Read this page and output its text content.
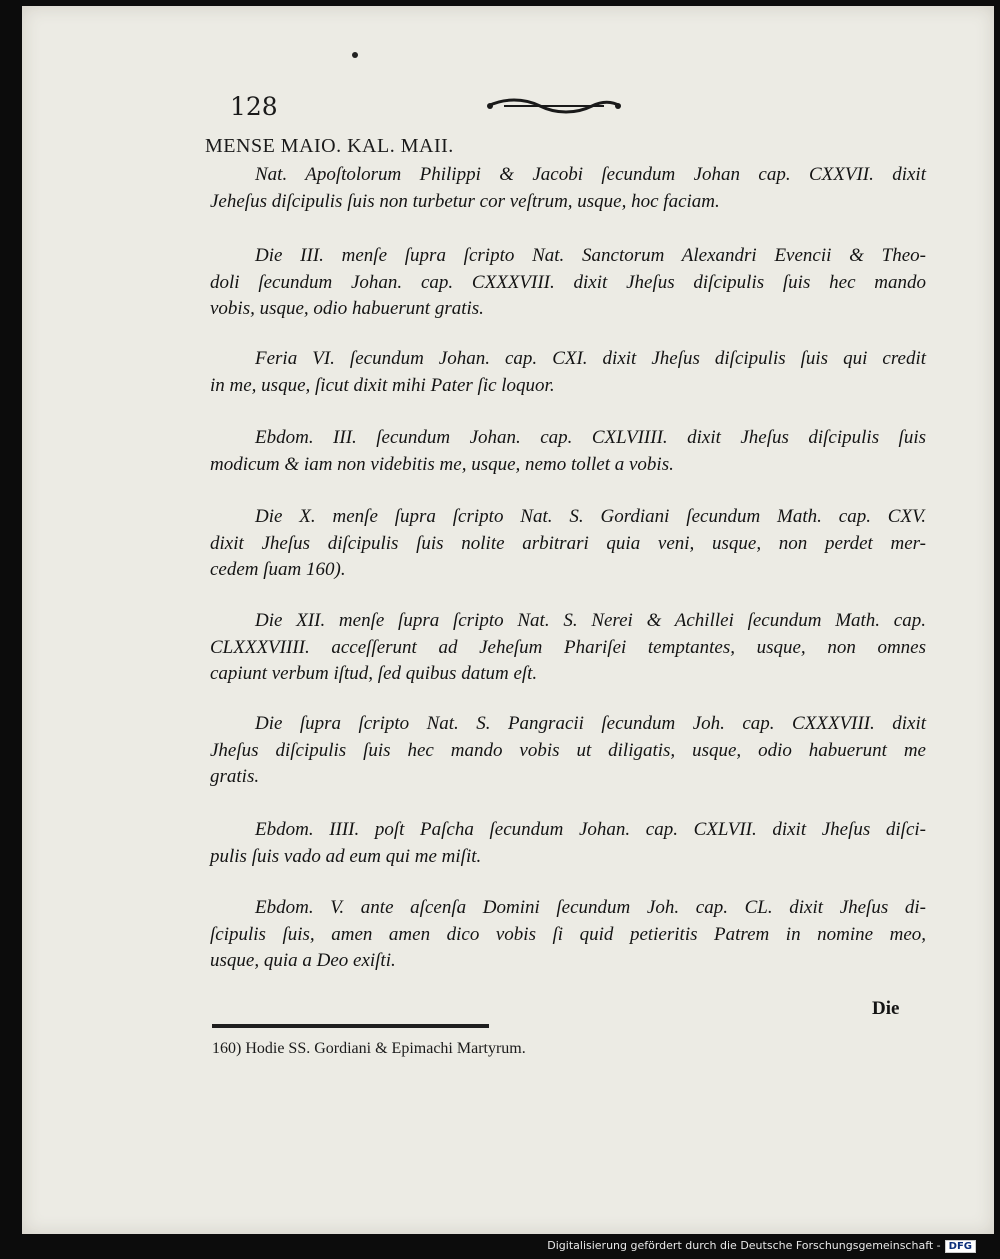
128
MENSE MAIO. KAL. MAII.
Nat. Apoſtolorum Philippi & Jacobi ſecundum Johan cap. CXXVII. dixit
Jeheſus diſcipulis ſuis non turbetur cor veſtrum, usque, hoc faciam.
Die III. menſe ſupra ſcripto Nat. Sanctorum Alexandri Evencii & Theo-
doli ſecundum Johan. cap. CXXXVIII. dixit Jheſus diſcipulis ſuis hec mando
vobis, usque, odio habuerunt gratis.
Feria VI. ſecundum Johan. cap. CXI. dixit Jheſus diſcipulis ſuis qui credit
in me, usque, ſicut dixit mihi Pater ſic loquor.
Ebdom. III. ſecundum Johan. cap. CXLVIIII. dixit Jheſus diſcipulis ſuis
modicum & iam non videbitis me, usque, nemo tollet a vobis.
Die X. menſe ſupra ſcripto Nat. S. Gordiani ſecundum Math. cap. CXV.
dixit Jheſus diſcipulis ſuis nolite arbitrari quia veni, usque, non perdet mer-
cedem ſuam 160).
Die XII. menſe ſupra ſcripto Nat. S. Nerei & Achillei ſecundum Math. cap.
CLXXXVIIII. acceſſerunt ad Jeheſum Phariſei temptantes, usque, non omnes
capiunt verbum iſtud, ſed quibus datum eſt.
Die ſupra ſcripto Nat. S. Pangracii ſecundum Joh. cap. CXXXVIII. dixit
Jheſus diſcipulis ſuis hec mando vobis ut diligatis, usque, odio habuerunt me
gratis.
Ebdom. IIII. poſt Paſcha ſecundum Johan. cap. CXLVII. dixit Jheſus diſci-
pulis ſuis vado ad eum qui me miſit.
Ebdom. V. ante aſcenſa Domini ſecundum Joh. cap. CL. dixit Jheſus di-
ſcipulis ſuis, amen amen dico vobis ſi quid petieritis Patrem in nomine meo,
usque, quia a Deo exiſti.
Die
160) Hodie SS. Gordiani & Epimachi Martyrum.
Digitalisierung gefördert durch die Deutsche Forschungsgemeinschaft - DFG
